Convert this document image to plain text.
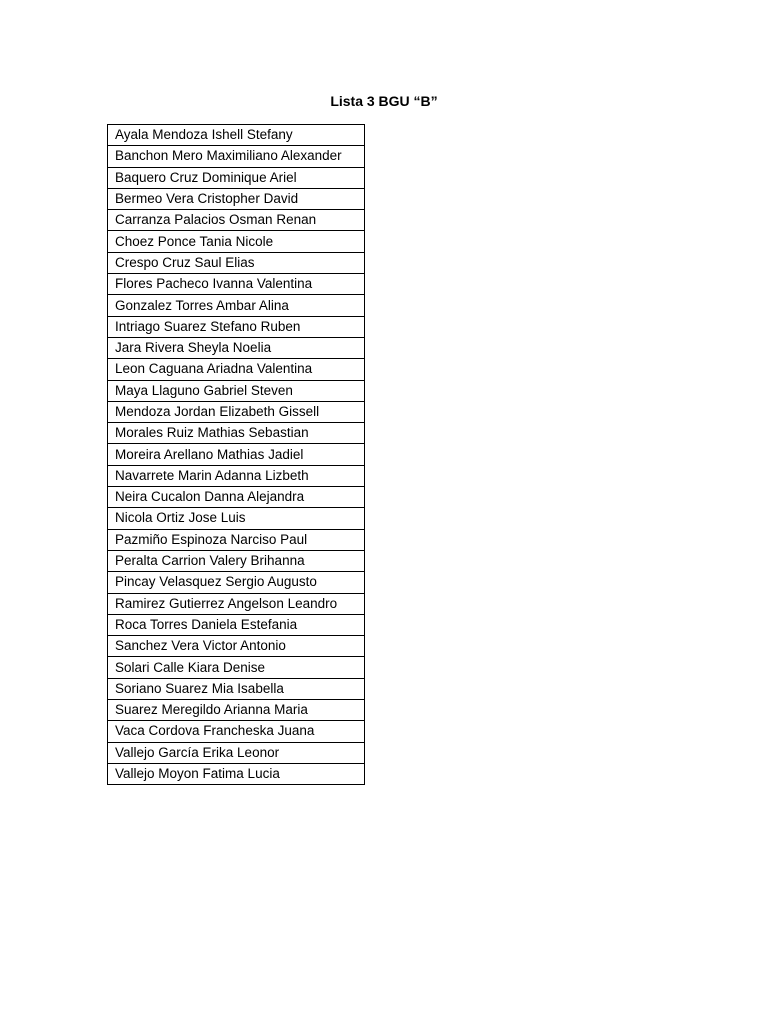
Lista 3 BGU “B”
Ayala Mendoza Ishell Stefany
Banchon Mero Maximiliano Alexander
Baquero Cruz Dominique Ariel
Bermeo Vera Cristopher David
Carranza Palacios Osman Renan
Choez Ponce Tania Nicole
Crespo Cruz Saul Elias
Flores Pacheco Ivanna Valentina
Gonzalez Torres Ambar Alina
Intriago Suarez Stefano Ruben
Jara Rivera Sheyla Noelia
Leon Caguana Ariadna Valentina
Maya Llaguno Gabriel Steven
Mendoza Jordan Elizabeth Gissell
Morales Ruiz Mathias Sebastian
Moreira Arellano Mathias Jadiel
Navarrete Marin Adanna Lizbeth
Neira Cucalon Danna Alejandra
Nicola Ortiz Jose Luis
Pazmiño Espinoza Narciso Paul
Peralta Carrion Valery Brihanna
Pincay Velasquez Sergio Augusto
Ramirez Gutierrez Angelson Leandro
Roca Torres Daniela Estefania
Sanchez Vera Victor Antonio
Solari Calle Kiara Denise
Soriano Suarez Mia Isabella
Suarez Meregildo Arianna Maria
Vaca Cordova Francheska Juana
Vallejo García Erika Leonor
Vallejo Moyon Fatima Lucia
